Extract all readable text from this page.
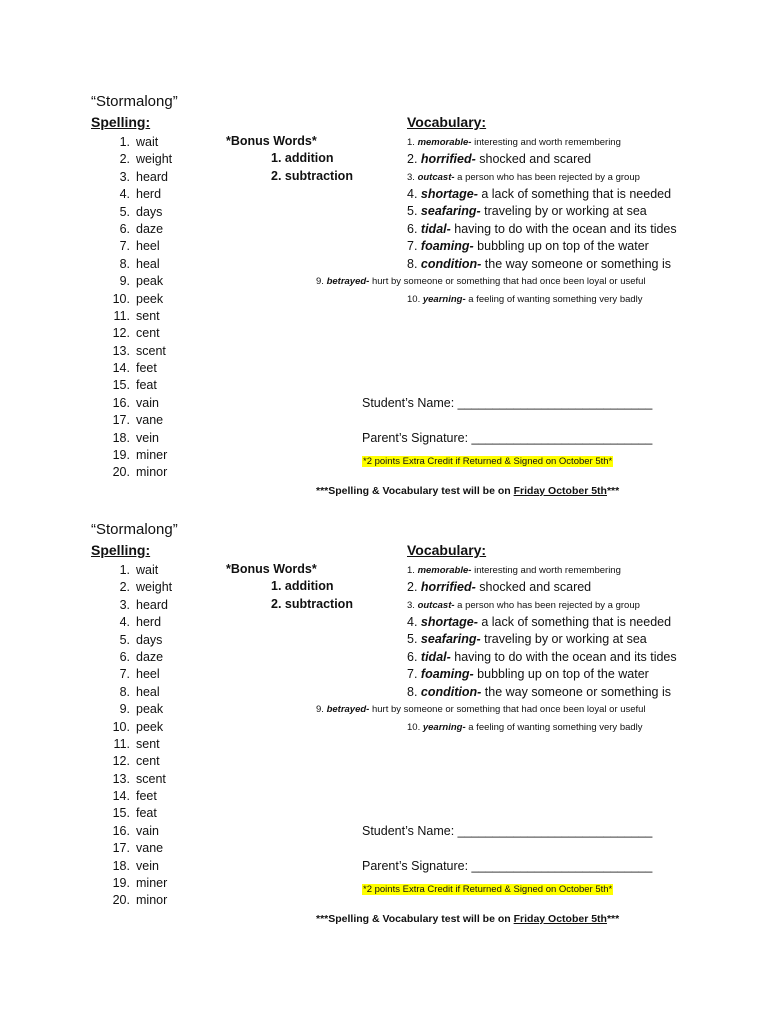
“Stormalong”
Spelling:	Vocabulary:
1. wait
2. weight
3. heard
4. herd
5. days
6. daze
7. heel
8. heal
9. peak
10. peek
11. sent
12. cent
13. scent
14. feet
15. feat
16. vain
17. vane
18. vein
19. miner
20. minor
*Bonus Words*
1. addition
2. subtraction
1. memorable- interesting and worth remembering
2. horrified- shocked and scared
3. outcast- a person who has been rejected by a group
4. shortage- a lack of something that is needed
5. seafaring- traveling by or working at sea
6. tidal- having to do with the ocean and its tides
7. foaming- bubbling up on top of the water
8. condition- the way someone or something is
9. betrayed- hurt by someone or something that had once been loyal or useful
10. yearning- a feeling of wanting something very badly
Student’s Name: ____________________________
Parent’s Signature: __________________________
*2 points Extra Credit if Returned & Signed on October 5th*
***Spelling & Vocabulary test will be on Friday October 5th***
“Stormalong”
Spelling:	Vocabulary:
1. wait
2. weight
3. heard
4. herd
5. days
6. daze
7. heel
8. heal
9. peak
10. peek
11. sent
12. cent
13. scent
14. feet
15. feat
16. vain
17. vane
18. vein
19. miner
20. minor
*Bonus Words*
1. addition
2. subtraction
1. memorable- interesting and worth remembering
2. horrified- shocked and scared
3. outcast- a person who has been rejected by a group
4. shortage- a lack of something that is needed
5. seafaring- traveling by or working at sea
6. tidal- having to do with the ocean and its tides
7. foaming- bubbling up on top of the water
8. condition- the way someone or something is
9. betrayed- hurt by someone or something that had once been loyal or useful
10. yearning- a feeling of wanting something very badly
Student’s Name: ____________________________
Parent’s Signature: __________________________
*2 points Extra Credit if Returned & Signed on October 5th*
***Spelling & Vocabulary test will be on Friday October 5th***
